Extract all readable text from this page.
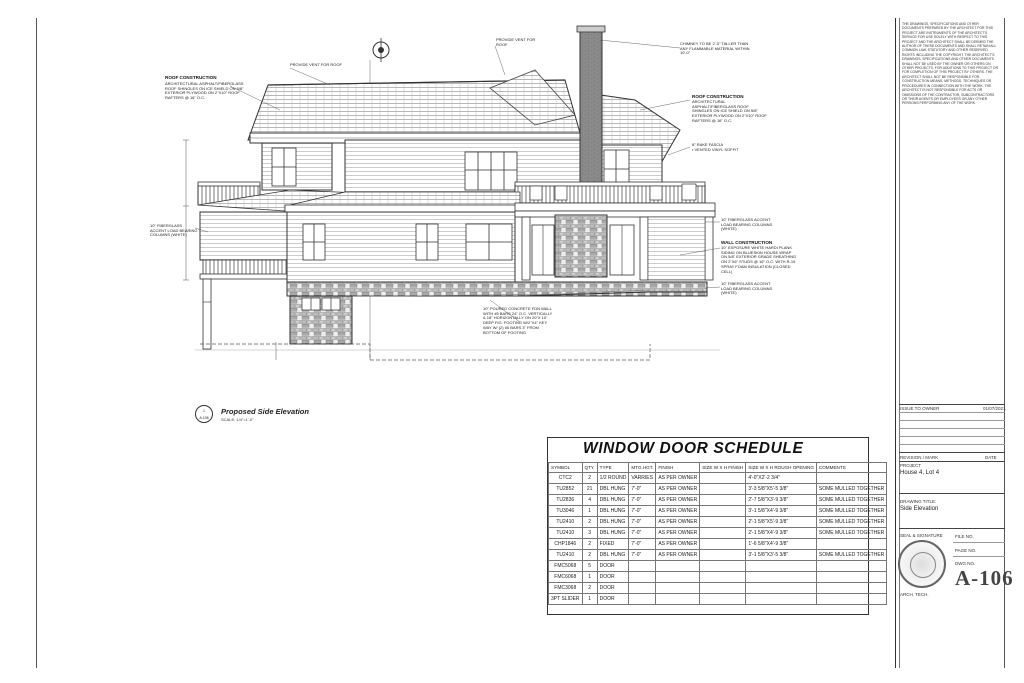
ROOF CONSTRUCTION
ARCHITECTURAL ASPHALT/FIBERGLASS ROOF SHINGLES ON ICE SHIELD ON 5/8" EXTERIOR PLYWOOD ON 2"X10" ROOF RAFTERS @ 16" O.C.
PROVIDE VENT FOR ROOF
PROVIDE VENT FOR ROOF	CHIMNEY TO BE 2'-0" TALLER THAN ANY FLAMMABLE MATERIAL WITHIN 10'-0"
ROOF CONSTRUCTION
ARCHITECTURAL ASPHALT/FIBERGLASS ROOF SHINGLES ON ICE SHIELD ON 5/8" EXTERIOR PLYWOOD ON 2"X10" ROOF RAFTERS @ 16" O.C.
8" RAKE FASCIA
• VENTED VINYL SOFFIT
10" FIBERGLASS ACCENT LOAD BEARING COLUMNS (WHITE)
10" FIBERGLASS ACCENT LOAD BEARING COLUMNS (WHITE)
WALL CONSTRUCTION
10" EXPOSURE WHITE HARDI PLANK SIDING ON BLUESKIN HOUSE WRAP ON 5/8" EXTERIOR GRADE SHEATHING ON 2"X6" STUDS @ 16" O.C. WITH R-19 SPRAY FOAM INSULATION (CLOSED CELL)
10" FIBERGLASS ACCENT LOAD BEARING COLUMNS (WHITE)
10" POURED CONCRETE FDN WALL WITH #5 BARS 24" O.C. VERTICALLY & 18" HORIZONTALLY ON 20"X 10" DEEP FIG. FOOTING W/2"X4" KEY WAY W/ (2) #5 BARS 3" FROM BOTTOM OF FOOTING
1
A-106
Proposed Side Elevation
SCALE: 1/4"=1'-0"
WINDOW DOOR SCHEDULE
SYMBOL	QTY.	TYPE	MTG.HGT.	FINISH	SIZE W X H FINISH	SIZE W X H ROUGH OPENING	COMMENTS
CTC2	2	1/2 ROUND	VARRIES	AS PER OWNER		4'-0"X2'-2 3/4"	
TU2852	21	DBL HUNG	7'-0"	AS PER OWNER		3'-3 5/8"X5'-5 3/8"	SOME MULLED TOGETHER
TU2836	4	DBL HUNG	7'-0"	AS PER OWNER		2'-7 5/8"X3'-9 3/8"	SOME MULLED TOGETHER
TU3046	1	DBL HUNG	7'-0"	AS PER OWNER		3'-1 5/8"X4'-9 3/8"	SOME MULLED TOGETHER
TU2410	2	DBL HUNG	7'-0"	AS PER OWNER		2'-1 5/8"X5'-9 3/8"	SOME MULLED TOGETHER
TU2410	3	DBL HUNG	7'-0"	AS PER OWNER		2'-1 5/8"X4'-9 3/8"	SOME MULLED TOGETHER
CHP1846	2	FIXED	7'-0"	AS PER OWNER		1'-6 5/8"X4'-9 3/8"	
TU2410	2	DBL HUNG	7'-0"	AS PER OWNER		3'-1 5/8"X3'-5 3/8"	SOME MULLED TOGETHER
FMC5068	5	DOOR					
FMC6068	1	DOOR					
FMC3068	2	DOOR					
3PT SLIDER	1	DOOR					
THE DRAWINGS, SPECIFICATIONS AND OTHER DOCUMENTS PREPARED BY THE ARCHITECT FOR THIS PROJECT ARE INSTRUMENTS OF THE ARCHITECT'S SERVICE FOR USE SOLELY WITH RESPECT TO THIS PROJECT AND THE ARCHITECT SHALL BE DEEMED THE AUTHOR OF THESE DOCUMENTS AND SHALL RETAIN ALL COMMON LAW, STATUTORY AND OTHER RESERVED RIGHTS INCLUDING THE COPYRIGHT. THE ARCHITECT'S DRAWINGS, SPECIFICATIONS AND OTHER DOCUMENTS SHALL NOT BE USED BY THE OWNER OR OTHERS ON OTHER PROJECTS, FOR ADDITIONS TO THIS PROJECT OR FOR COMPLETION OF THIS PROJECT BY OTHERS. THE ARCHITECT SHALL NOT BE RESPONSIBLE FOR CONSTRUCTION MEANS, METHODS, TECHNIQUES OR PROCEDURES IN CONNECTION WITH THE WORK. THE ARCHITECT IS NOT RESPONSIBLE FOR ACTS OR OMISSIONS OF THE CONTRACTOR, SUBCONTRACTORS OR THEIR AGENTS OR EMPLOYEES OR ANY OTHER PERSONS PERFORMING ANY OF THE WORK.
ISSUE TO OWNER	01/07/2021
REVISION / MARK	DATE
PROJECT
House 4, Lot 4
DRAWING TITLE:
Side Elevation
SEAL & SIGNATURE	FILE NO.
PAGE NO.
DWG NO.
A-106
ARCH. TECH.
